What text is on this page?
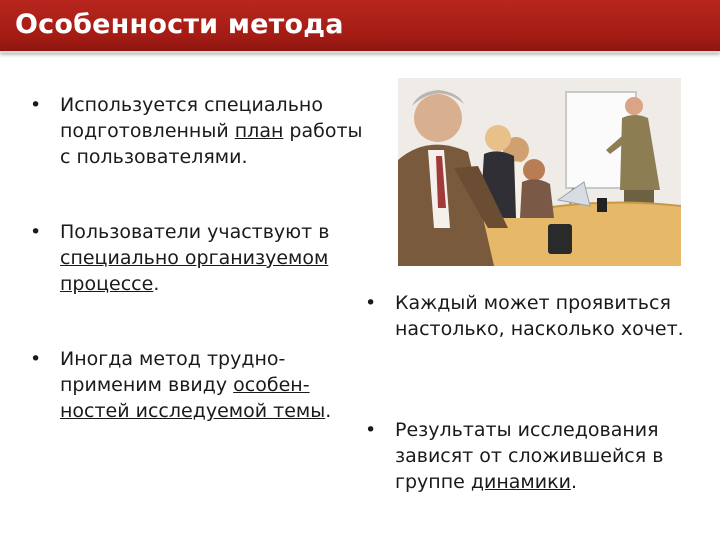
Особенности метода
• Используется специально подготовленный план работы с пользователями.
• Пользователи участвуют в специально организуемом процессе.
• Иногда метод трудно-применим ввиду особен-ностей исследуемой темы.
• Каждый может проявиться настолько, насколько хочет.
• Результаты исследования зависят от сложившейся в группе динамики.
